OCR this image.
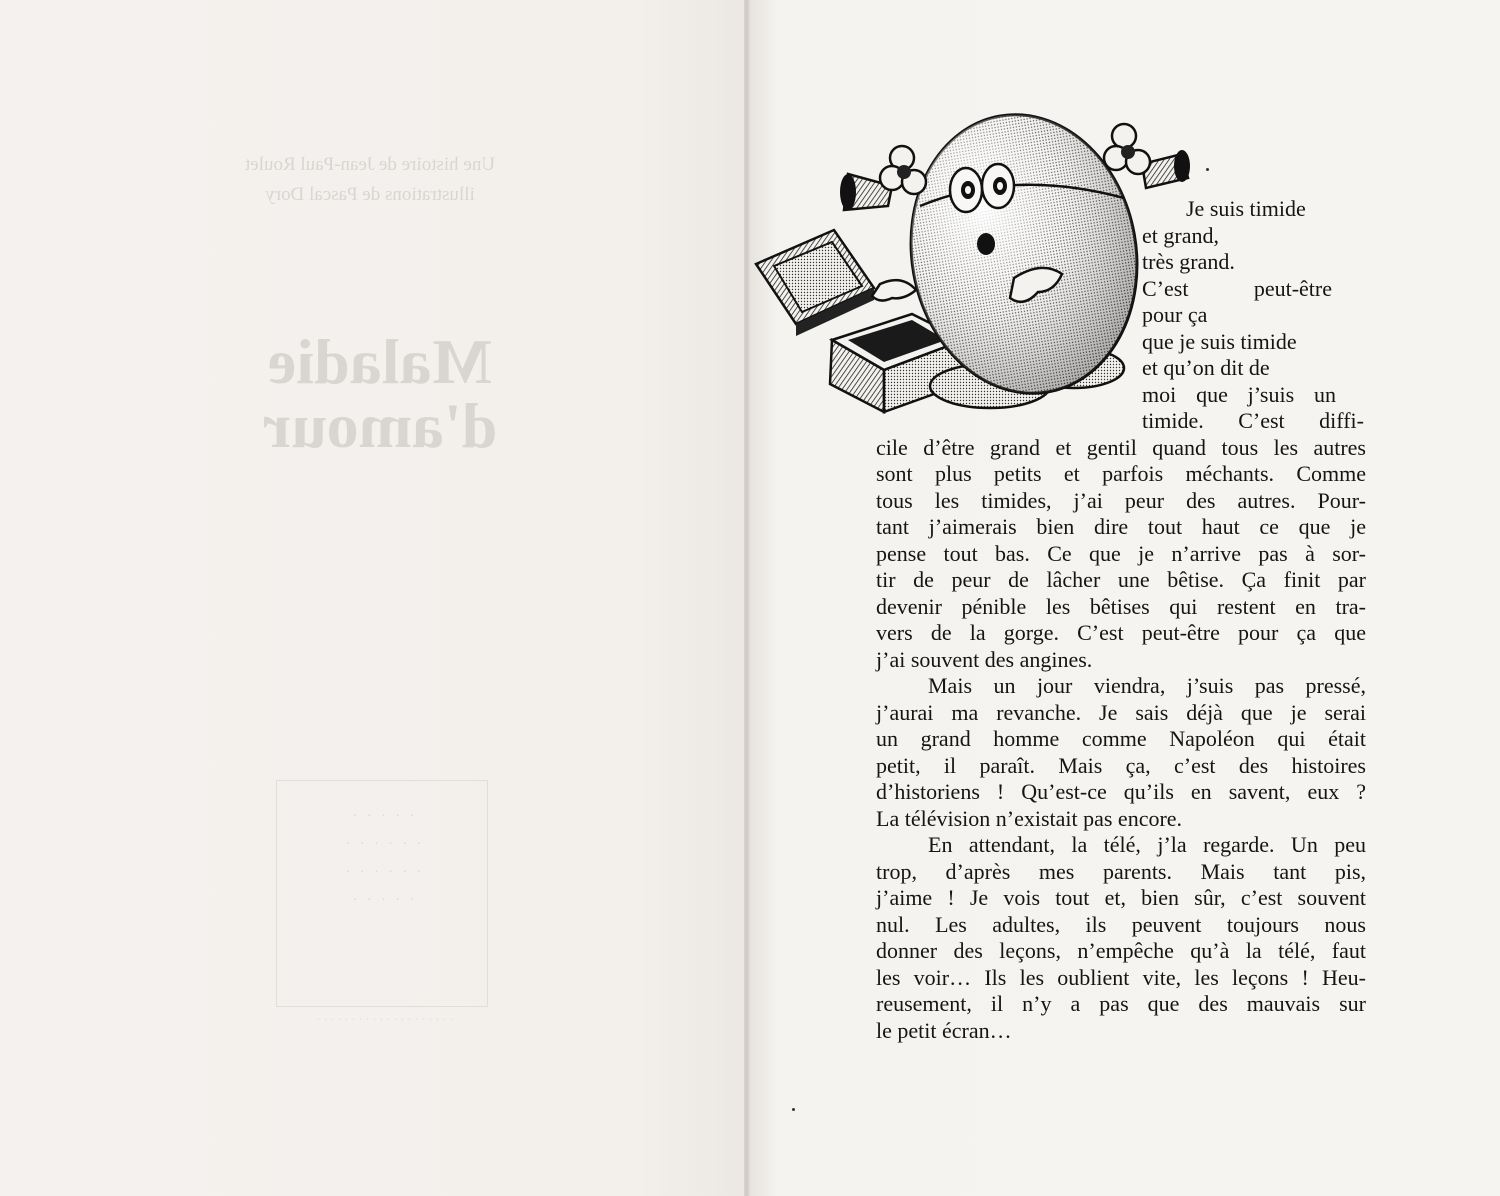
Une histoire de Jean-Paul Roulet
illustrations de Pascal Dory
Maladie
d'amour
· · · · ·
· · · · · ·
· · · · · ·
· · · · ·
· · · · · · · · · · · · · · · · · · · ·
Je suis timide
et grand,
très grand.
C’est peut-être
pour ça
que je suis timide
et qu’on dit de
moi que j’suis un
timide. C’est diffi-
cile d’être grand et gentil quand tous les autres
sont plus petits et parfois méchants. Comme
tous les timides, j’ai peur des autres. Pour-
tant j’aimerais bien dire tout haut ce que je
pense tout bas. Ce que je n’arrive pas à sor-
tir de peur de lâcher une bêtise. Ça finit par
devenir pénible les bêtises qui restent en tra-
vers de la gorge. C’est peut-être pour ça que
j’ai souvent des angines.
Mais un jour viendra, j’suis pas pressé,
j’aurai ma revanche. Je sais déjà que je serai
un grand homme comme Napoléon qui était
petit, il paraît. Mais ça, c’est des histoires
d’historiens ! Qu’est-ce qu’ils en savent, eux ?
La télévision n’existait pas encore.
En attendant, la télé, j’la regarde. Un peu
trop, d’après mes parents. Mais tant pis,
j’aime ! Je vois tout et, bien sûr, c’est souvent
nul. Les adultes, ils peuvent toujours nous
donner des leçons, n’empêche qu’à la télé, faut
les voir… Ils les oublient vite, les leçons ! Heu-
reusement, il n’y a pas que des mauvais sur
le petit écran…
